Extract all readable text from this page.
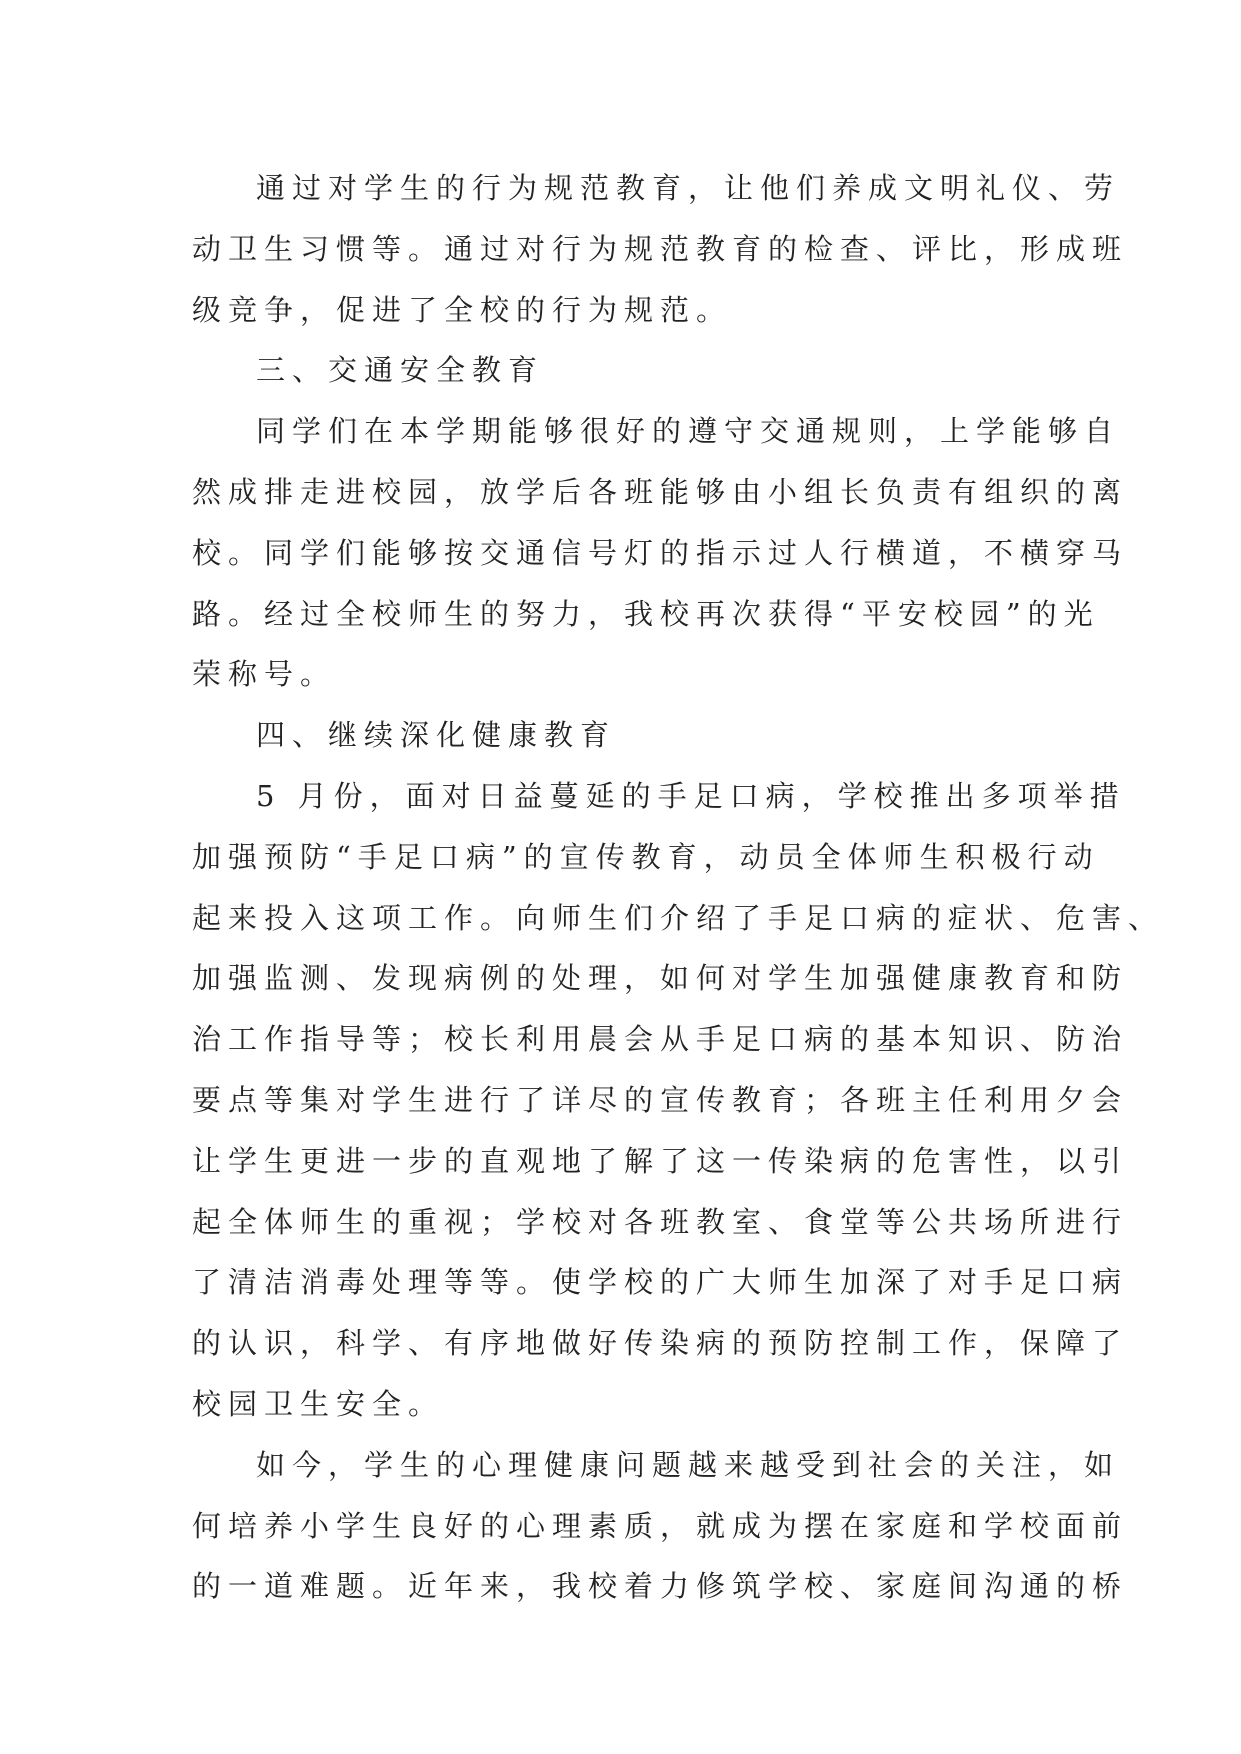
通过对学生的行为规范教育，让他们养成文明礼仪、劳
动卫生习惯等。通过对行为规范教育的检查、评比，形成班
级竞争，促进了全校的行为规范。
三、交通安全教育
同学们在本学期能够很好的遵守交通规则，上学能够自
然成排走进校园，放学后各班能够由小组长负责有组织的离
校。同学们能够按交通信号灯的指示过人行横道，不横穿马
路。经过全校师生的努力，我校再次获得“平安校园”的光
荣称号。
四、继续深化健康教育
5 月份，面对日益蔓延的手足口病，学校推出多项举措
加强预防“手足口病”的宣传教育，动员全体师生积极行动
起来投入这项工作。向师生们介绍了手足口病的症状、危害、
加强监测、发现病例的处理，如何对学生加强健康教育和防
治工作指导等；校长利用晨会从手足口病的基本知识、防治
要点等集对学生进行了详尽的宣传教育；各班主任利用夕会
让学生更进一步的直观地了解了这一传染病的危害性，以引
起全体师生的重视；学校对各班教室、食堂等公共场所进行
了清洁消毒处理等等。使学校的广大师生加深了对手足口病
的认识，科学、有序地做好传染病的预防控制工作，保障了
校园卫生安全。
如今，学生的心理健康问题越来越受到社会的关注，如
何培养小学生良好的心理素质，就成为摆在家庭和学校面前
的一道难题。近年来，我校着力修筑学校、家庭间沟通的桥
